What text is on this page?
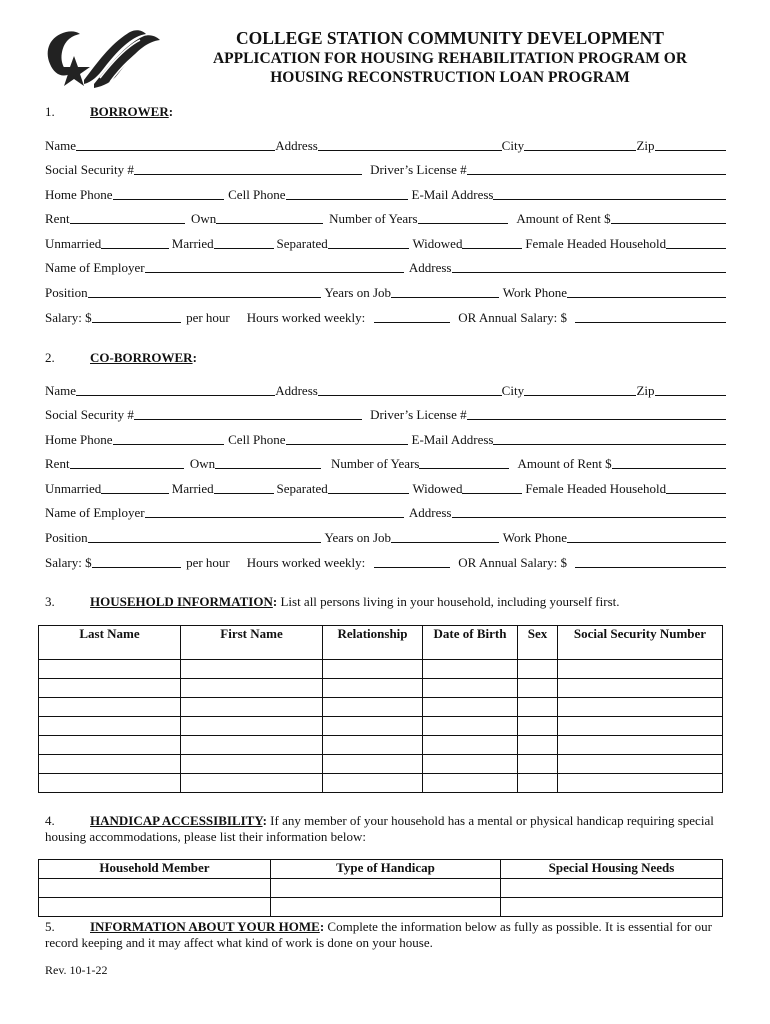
COLLEGE STATION COMMUNITY DEVELOPMENT
APPLICATION FOR HOUSING REHABILITATION PROGRAM OR
HOUSING RECONSTRUCTION LOAN PROGRAM
1.	BORROWER:
Name	Address	City	Zip
Social Security #	Driver’s License #
Home Phone	Cell Phone	E-Mail Address
Rent	Own	Number of Years	Amount of Rent $
Unmarried	Married	Separated	Widowed	Female Headed Household
Name of Employer	Address
Position	Years on Job	Work Phone
Salary: $	per hour Hours worked weekly:	OR Annual Salary: $
2.	CO-BORROWER:
Name	Address	City	Zip
Social Security #	Driver’s License #
Home Phone	Cell Phone	E-Mail Address
Rent	Own	Number of Years	Amount of Rent $
Unmarried	Married	Separated	Widowed	Female Headed Household
Name of Employer	Address
Position	Years on Job	Work Phone
Salary: $	per hour Hours worked weekly:	OR Annual Salary: $
3.	HOUSEHOLD INFORMATION: List all persons living in your household, including yourself first.
Last Name	First Name	Relationship	Date of Birth	Sex	Social Security Number

4.	HANDICAP ACCESSIBILITY: If any member of your household has a mental or physical handicap requiring special housing accommodations, please list their information below:
Household Member	Type of Handicap	Special Housing Needs

5.	INFORMATION ABOUT YOUR HOME: Complete the information below as fully as possible. It is essential for our record keeping and it may affect what kind of work is done on your house.
Rev. 10-1-22
